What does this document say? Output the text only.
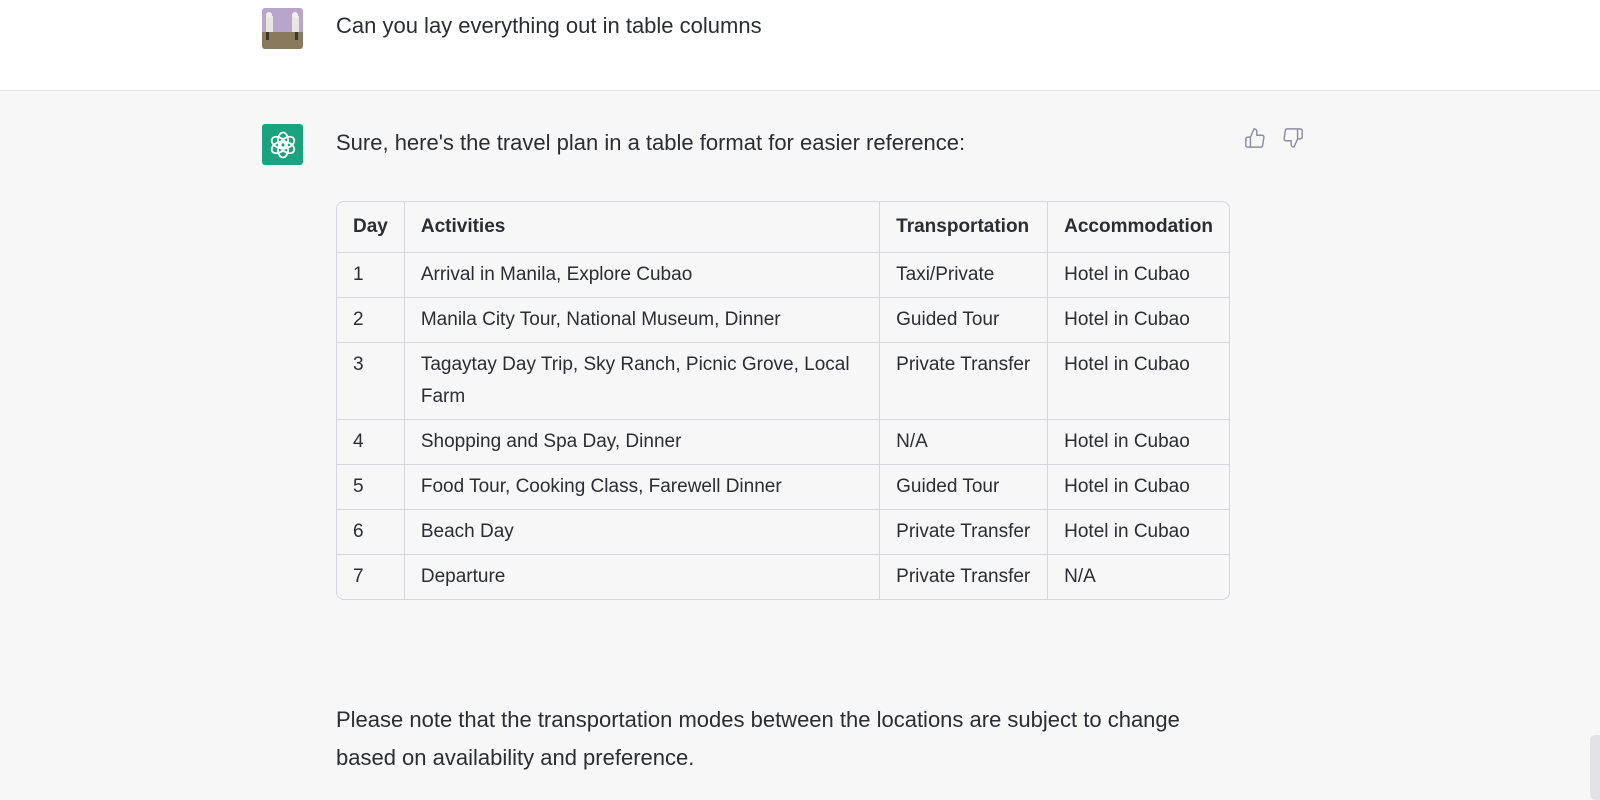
Can you lay everything out in table columns
Sure, here's the travel plan in a table format for easier reference:
Day	Activities	Transportation	Accommodation
1	Arrival in Manila, Explore Cubao	Taxi/Private	Hotel in Cubao
2	Manila City Tour, National Museum, Dinner	Guided Tour	Hotel in Cubao
3	Tagaytay Day Trip, Sky Ranch, Picnic Grove, Local Farm	Private Transfer	Hotel in Cubao
4	Shopping and Spa Day, Dinner	N/A	Hotel in Cubao
5	Food Tour, Cooking Class, Farewell Dinner	Guided Tour	Hotel in Cubao
6	Beach Day	Private Transfer	Hotel in Cubao
7	Departure	Private Transfer	N/A
Please note that the transportation modes between the locations are subject to change based on availability and preference.
